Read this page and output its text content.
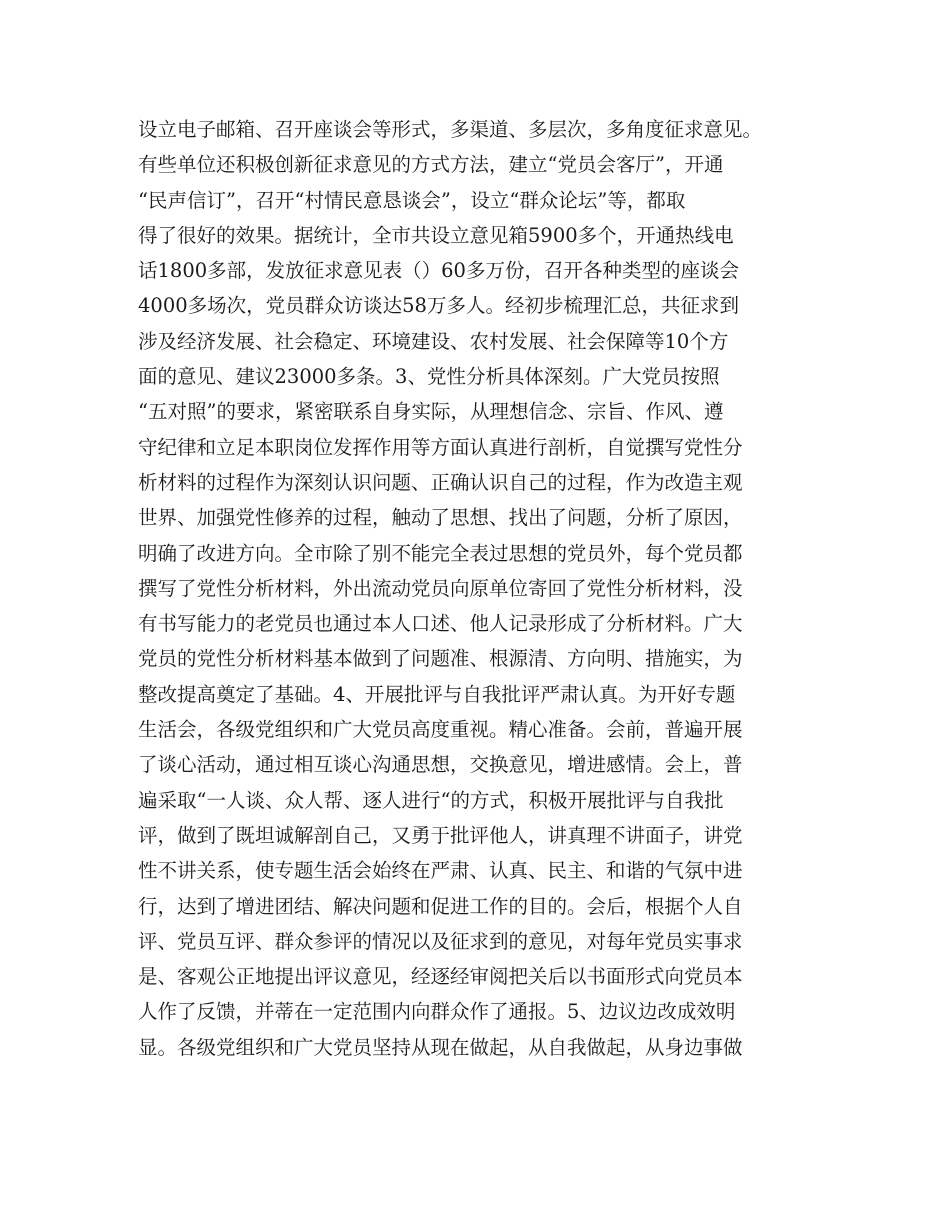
设立电子邮箱、召开座谈会等形式，多渠道、多层次，多角度征求意见。
有些单位还积极创新征求意见的方式方法，建立“党员会客厅”，开通
“民声信订”，召开“村情民意恳谈会”，设立“群众论坛”等，都取
得了很好的效果。据统计，全市共设立意见箱5900多个，开通热线电
话1800多部，发放征求意见表（）60多万份，召开各种类型的座谈会
4000多场次，党员群众访谈达58万多人。经初步梳理汇总，共征求到
涉及经济发展、社会稳定、环境建设、农村发展、社会保障等10个方
面的意见、建议23000多条。3、党性分析具体深刻。广大党员按照
“五对照”的要求，紧密联系自身实际，从理想信念、宗旨、作风、遵
守纪律和立足本职岗位发挥作用等方面认真进行剖析，自觉撰写党性分
析材料的过程作为深刻认识问题、正确认识自己的过程，作为改造主观
世界、加强党性修养的过程，触动了思想、找出了问题，分析了原因，
明确了改进方向。全市除了别不能完全表过思想的党员外，每个党员都
撰写了党性分析材料，外出流动党员向原单位寄回了党性分析材料，没
有书写能力的老党员也通过本人口述、他人记录形成了分析材料。广大
党员的党性分析材料基本做到了问题准、根源清、方向明、措施实，为
整改提高奠定了基础。4、开展批评与自我批评严肃认真。为开好专题
生活会，各级党组织和广大党员高度重视。精心准备。会前，普遍开展
了谈心活动，通过相互谈心沟通思想，交换意见，增进感情。会上，普
遍采取“一人谈、众人帮、逐人进行“的方式，积极开展批评与自我批
评，做到了既坦诚解剖自己，又勇于批评他人，讲真理不讲面子，讲党
性不讲关系，使专题生活会始终在严肃、认真、民主、和谐的气氛中进
行，达到了增进团结、解决问题和促进工作的目的。会后，根据个人自
评、党员互评、群众参评的情况以及征求到的意见，对每年党员实事求
是、客观公正地提出评议意见，经逐经审阅把关后以书面形式向党员本
人作了反馈，并蒂在一定范围内向群众作了通报。5、边议边改成效明
显。各级党组织和广大党员坚持从现在做起，从自我做起，从身边事做
